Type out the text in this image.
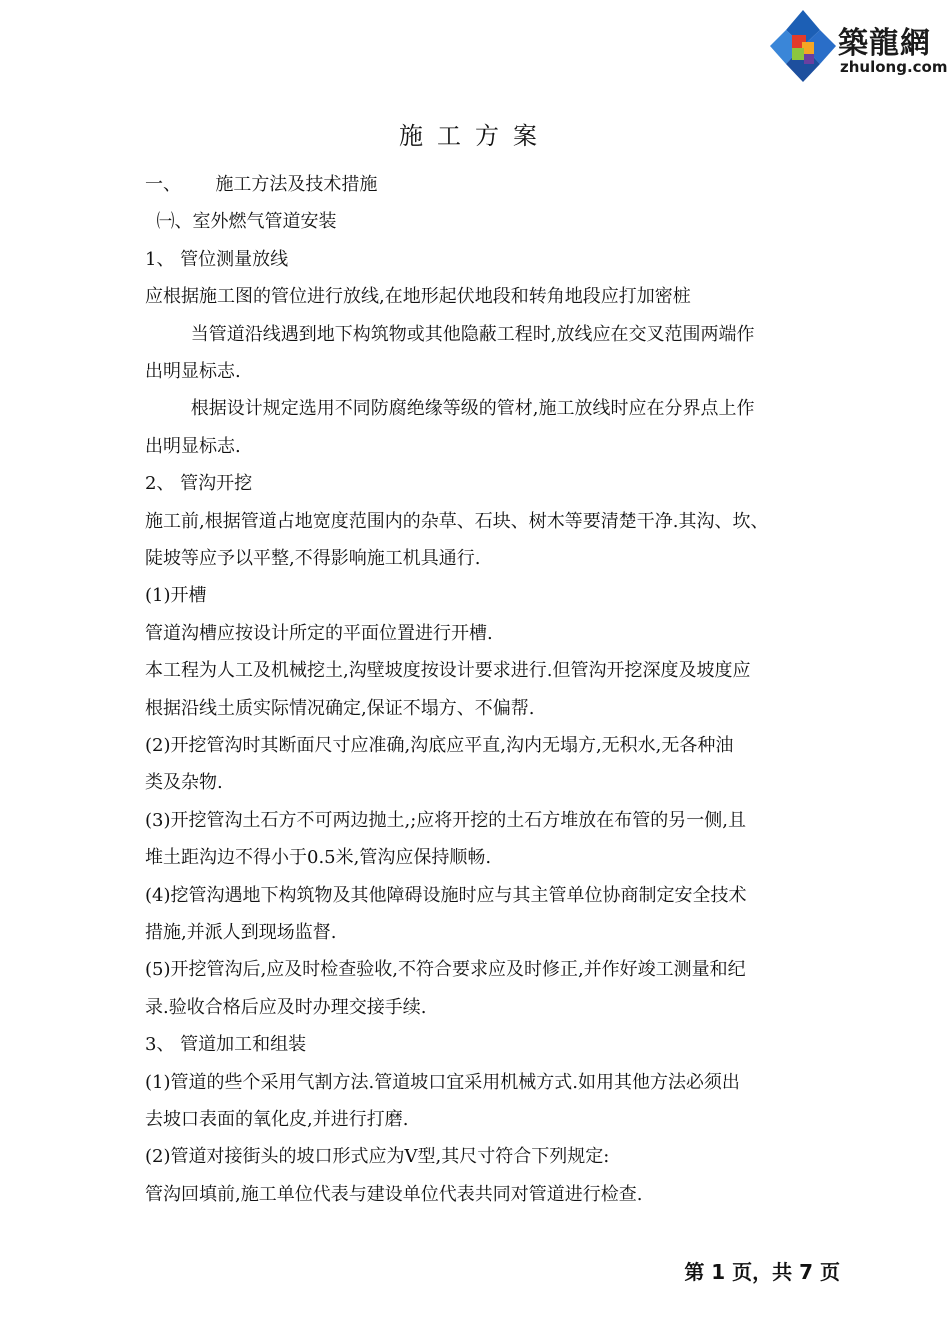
築龍網
zhulong.com
施工方案
一、      施工方法及技术措施
㈠、室外燃气管道安装
1、 管位测量放线
应根据施工图的管位进行放线,在地形起伏地段和转角地段应打加密桩
当管道沿线遇到地下构筑物或其他隐蔽工程时,放线应在交叉范围两端作
出明显标志.
根据设计规定选用不同防腐绝缘等级的管材,施工放线时应在分界点上作
出明显标志.
2、 管沟开挖
施工前,根据管道占地宽度范围内的杂草、石块、树木等要清楚干净.其沟、坎、
陡坡等应予以平整,不得影响施工机具通行.
(1)开槽
管道沟槽应按设计所定的平面位置进行开槽.
本工程为人工及机械挖土,沟壁坡度按设计要求进行.但管沟开挖深度及坡度应
根据沿线土质实际情况确定,保证不塌方、不偏帮.
(2)开挖管沟时其断面尺寸应准确,沟底应平直,沟内无塌方,无积水,无各种油
类及杂物.
(3)开挖管沟土石方不可两边抛土,;应将开挖的土石方堆放在布管的另一侧,且
堆土距沟边不得小于0.5米,管沟应保持顺畅.
(4)挖管沟遇地下构筑物及其他障碍设施时应与其主管单位协商制定安全技术
措施,并派人到现场监督.
(5)开挖管沟后,应及时检查验收,不符合要求应及时修正,并作好竣工测量和纪
录.验收合格后应及时办理交接手续.
3、 管道加工和组装
(1)管道的些个采用气割方法.管道坡口宜采用机械方式.如用其他方法必须出
去坡口表面的氧化皮,并进行打磨.
(2)管道对接街头的坡口形式应为V型,其尺寸符合下列规定:
管沟回填前,施工单位代表与建设单位代表共同对管道进行检查.
第 1 页，共 7 页
